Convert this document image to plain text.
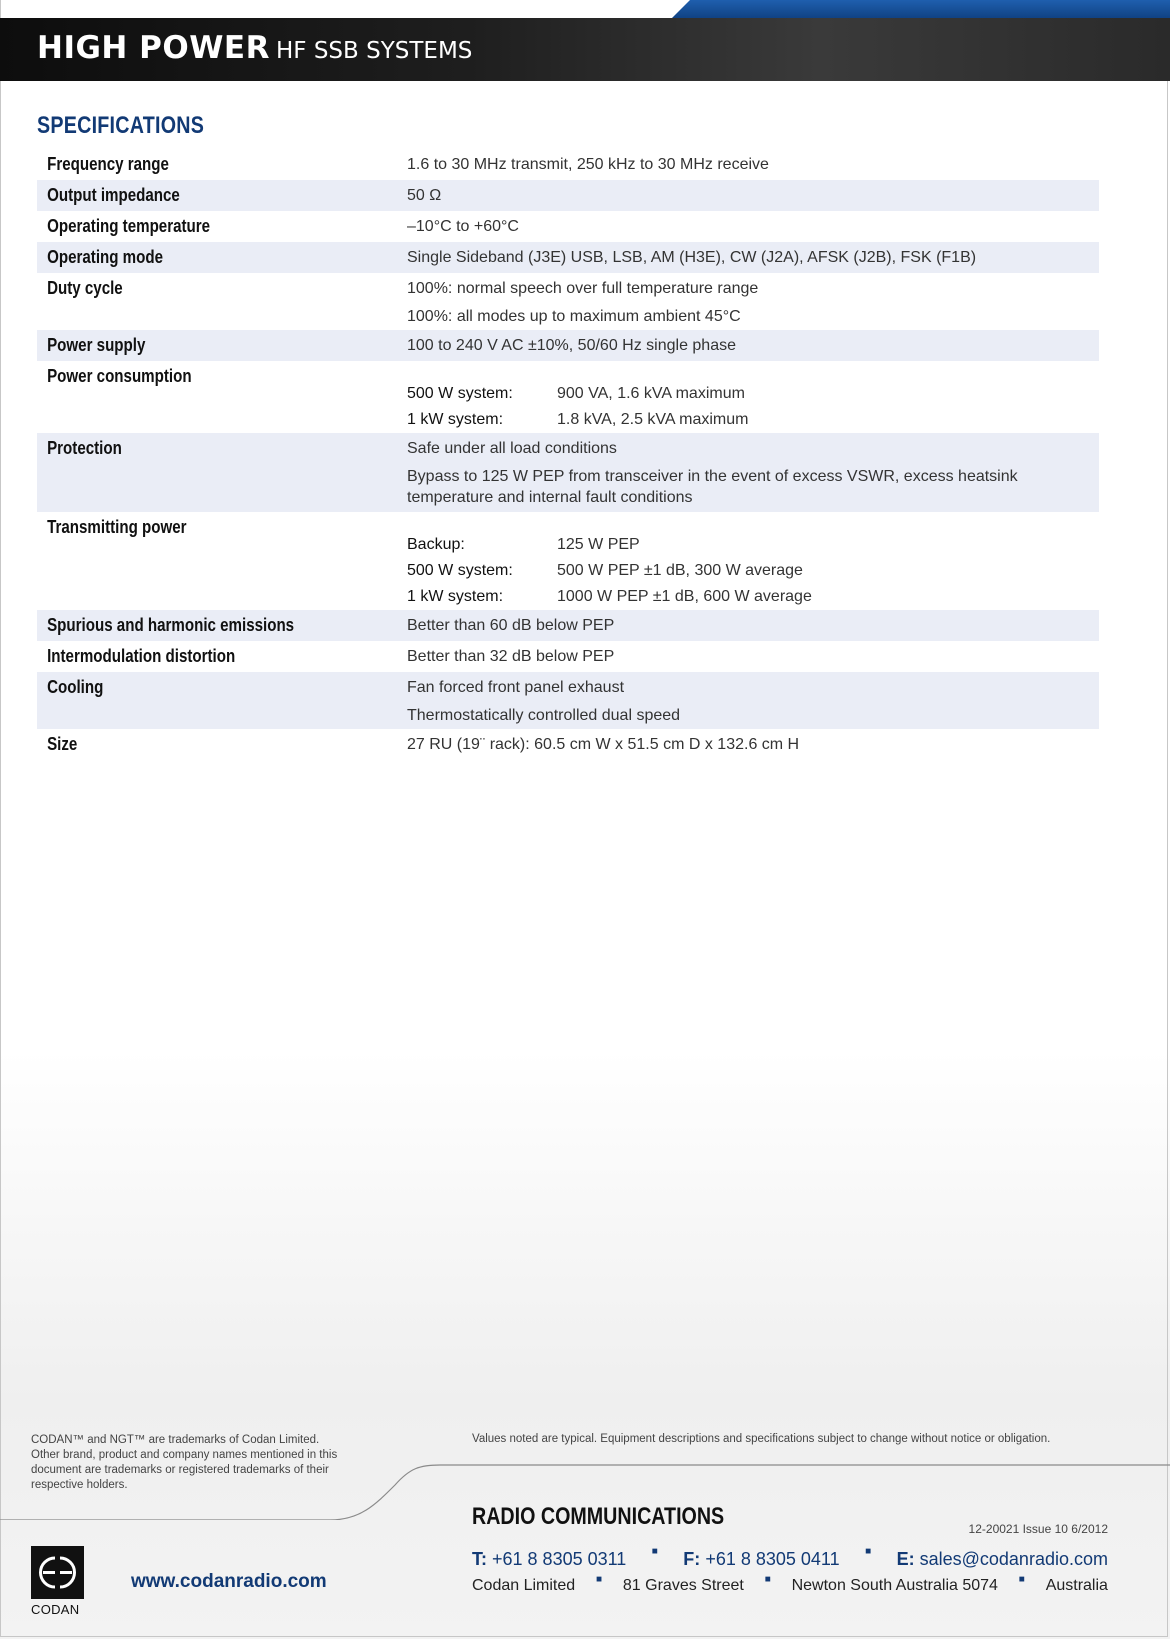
HIGH POWER HF SSB SYSTEMS
SPECIFICATIONS
Frequency range	1.6 to 30 MHz transmit, 250 kHz to 30 MHz receive
Output impedance	50 Ω
Operating temperature	–10°C to +60°C
Operating mode	Single Sideband (J3E) USB, LSB, AM (H3E), CW (J2A), AFSK (J2B), FSK (F1B)
Duty cycle	100%: normal speech over full temperature range
100%: all modes up to maximum ambient 45°C
Power supply	100 to 240 V AC ±10%, 50/60 Hz single phase
Power consumption
500 W system:	900 VA, 1.6 kVA maximum
1 kW system:	1.8 kVA, 2.5 kVA maximum
Protection	Safe under all load conditions
Bypass to 125 W PEP from transceiver in the event of excess VSWR, excess heatsink temperature and internal fault conditions
Transmitting power
Backup:	125 W PEP
500 W system:	500 W PEP ±1 dB, 300 W average
1 kW system:	1000 W PEP ±1 dB, 600 W average
Spurious and harmonic emissions	Better than 60 dB below PEP
Intermodulation distortion	Better than 32 dB below PEP
Cooling	Fan forced front panel exhaust
Thermostatically controlled dual speed
Size	27 RU (19¨ rack): 60.5 cm W x 51.5 cm D x 132.6 cm H
CODAN™ and NGT™ are trademarks of Codan Limited. Other brand, product and company names mentioned in this document are trademarks or registered trademarks of their respective holders.
Values noted are typical. Equipment descriptions and specifications subject to change without notice or obligation.
RADIO COMMUNICATIONS	12-20021 Issue 10 6/2012
T: +61 8 8305 0311	■ F: +61 8 8305 0411	■ E: sales@codanradio.com
Codan Limited ■ 81 Graves Street ■ Newton South Australia 5074 ■ Australia
CODAN
www.codanradio.com
